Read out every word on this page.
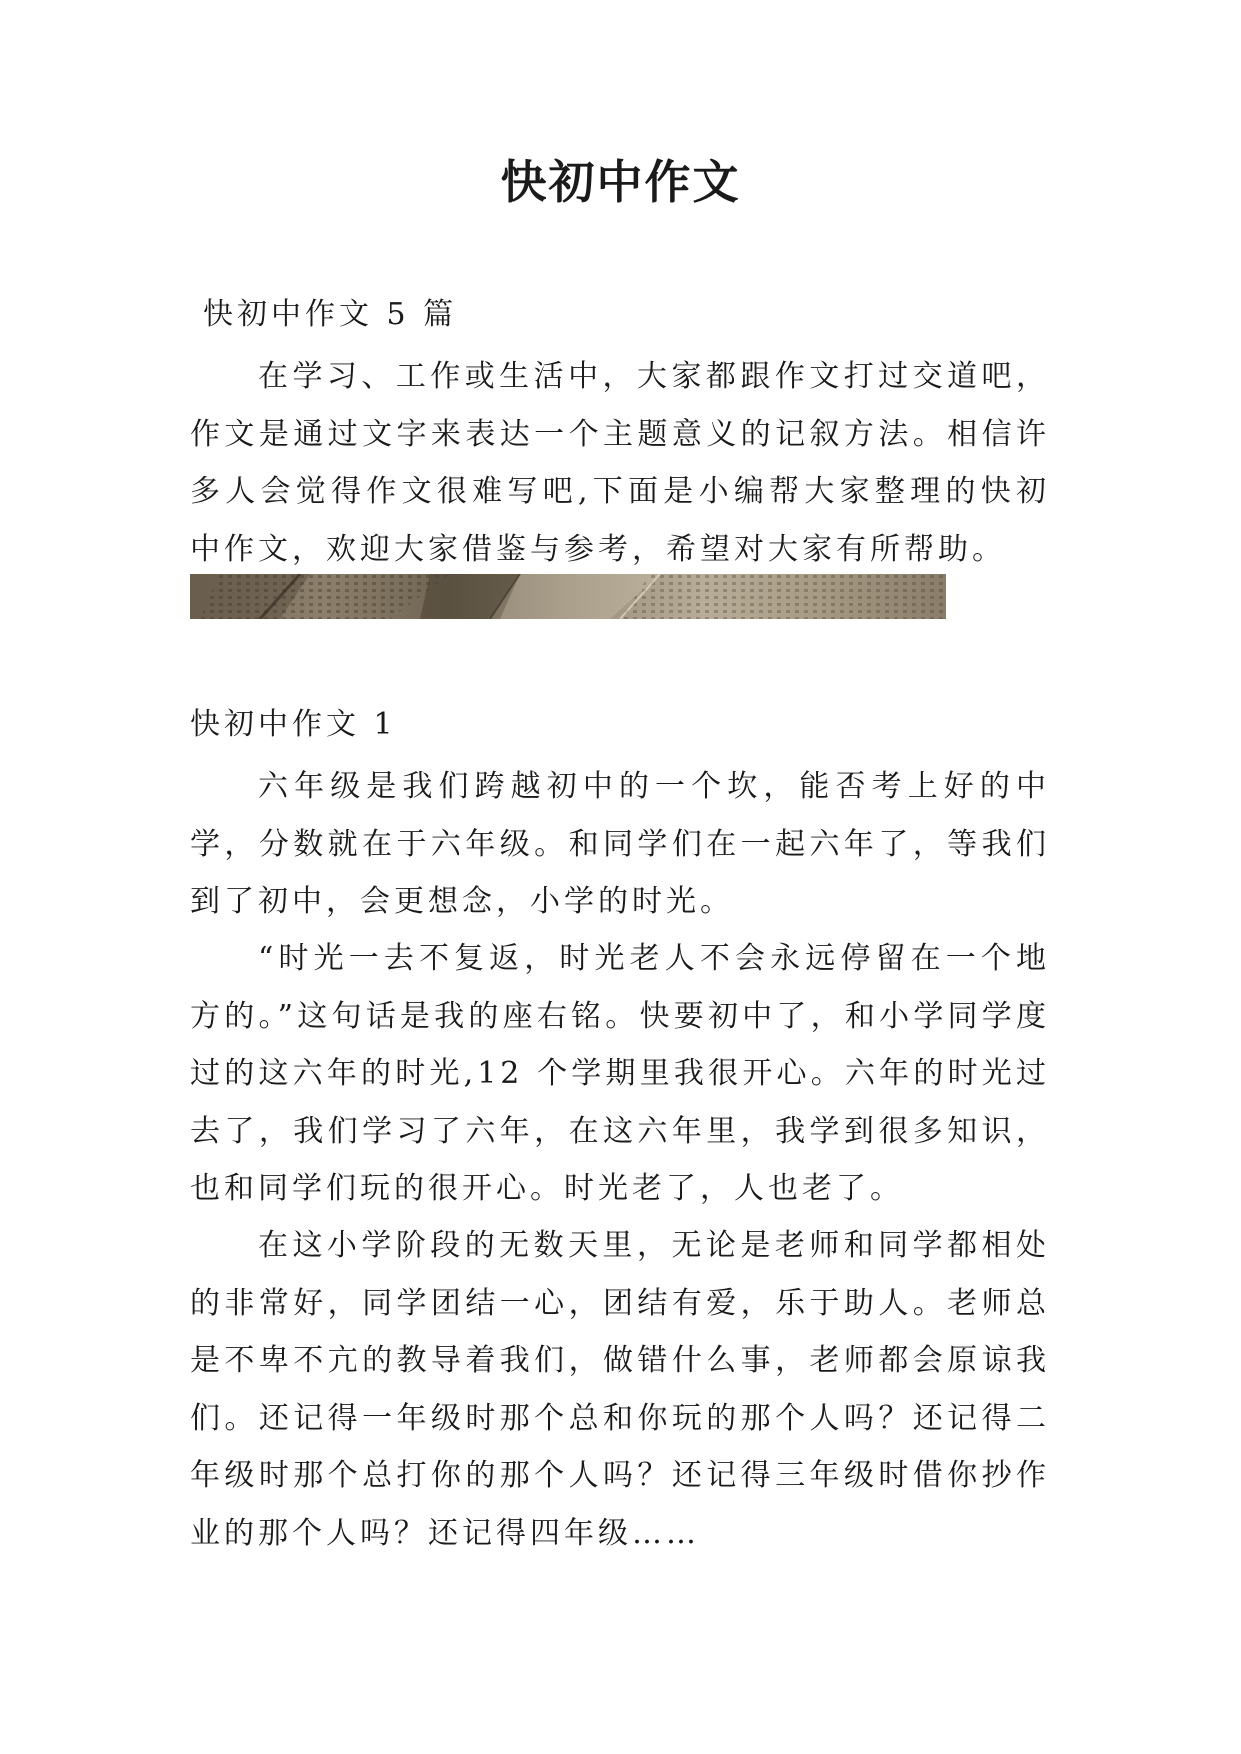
快初中作文
快初中作文 5 篇

在学习、工作或生活中，大家都跟作文打过交道吧，作文是通过文字来表达一个主题意义的记叙方法。相信许多人会觉得作文很难写吧,下面是小编帮大家整理的快初中作文，欢迎大家借鉴与参考，希望对大家有所帮助。

快初中作文 1

六年级是我们跨越初中的一个坎，能否考上好的中学，分数就在于六年级。和同学们在一起六年了，等我们到了初中，会更想念，小学的时光。

“时光一去不复返，时光老人不会永远停留在一个地方的。”这句话是我的座右铭。快要初中了，和小学同学度过的这六年的时光,12 个学期里我很开心。六年的时光过去了，我们学习了六年，在这六年里，我学到很多知识，也和同学们玩的很开心。时光老了，人也老了。

在这小学阶段的无数天里，无论是老师和同学都相处的非常好，同学团结一心，团结有爱，乐于助人。老师总是不卑不亢的教导着我们，做错什么事，老师都会原谅我们。还记得一年级时那个总和你玩的那个人吗？还记得二年级时那个总打你的那个人吗？还记得三年级时借你抄作业的那个人吗？还记得四年级……
